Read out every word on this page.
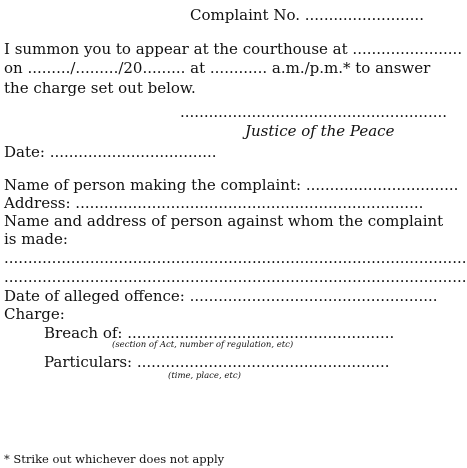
Complaint No. .........................
I summon you to appear at the courthouse at .......................
on ........./........./20......... at ............ a.m./p.m.* to answer
the charge set out below.
........................................................
Justice of the Peace
Date: ...................................
Name of person making the complaint: ................................
Address: .........................................................................
Name and address of person against whom the complaint
is made:
.................................................................................................
.................................................................................................
Date of alleged offence: ....................................................
Charge:
Breach of: ........................................................
(section of Act, number of regulation, etc)
Particulars: .....................................................
(time, place, etc)
* Strike out whichever does not apply
